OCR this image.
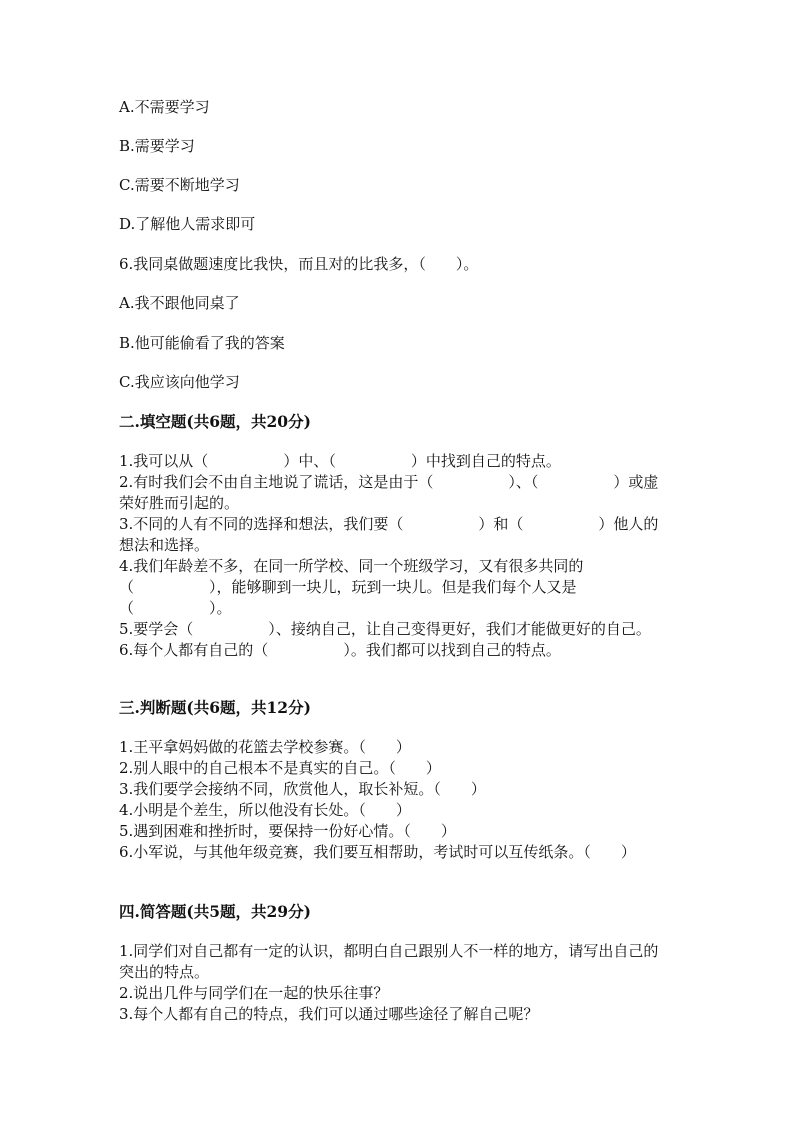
A.不需要学习

B.需要学习

C.需要不断地学习

D.了解他人需求即可

6.我同桌做题速度比我快，而且对的比我多，（　　）。

A.我不跟他同桌了

B.他可能偷看了我的答案

C.我应该向他学习

二.填空题(共6题，共20分)

1.我可以从（　　　　　）中、（　　　　　）中找到自己的特点。

2.有时我们会不由自主地说了谎话，这是由于（　　　　　）、（　　　　　）或虚荣好胜而引起的。

3.不同的人有不同的选择和想法，我们要（　　　　　）和（　　　　　）他人的想法和选择。

4.我们年龄差不多，在同一所学校、同一个班级学习，又有很多共同的（　　　　　），能够聊到一块儿，玩到一块儿。但是我们每个人又是（　　　　　）。

5.要学会（　　　　　）、接纳自己，让自己变得更好，我们才能做更好的自己。

6.每个人都有自己的（　　　　　）。我们都可以找到自己的特点。

三.判断题(共6题，共12分)

1.王平拿妈妈做的花篮去学校参赛。（　　）

2.别人眼中的自己根本不是真实的自己。（　　）

3.我们要学会接纳不同，欣赏他人，取长补短。（　　）

4.小明是个差生，所以他没有长处。（　　）

5.遇到困难和挫折时，要保持一份好心情。（　　）

6.小军说，与其他年级竞赛，我们要互相帮助，考试时可以互传纸条。（　　）

四.简答题(共5题，共29分)

1.同学们对自己都有一定的认识，都明白自己跟别人不一样的地方，请写出自己的突出的特点。

2.说出几件与同学们在一起的快乐往事？

3.每个人都有自己的特点，我们可以通过哪些途径了解自己呢？
